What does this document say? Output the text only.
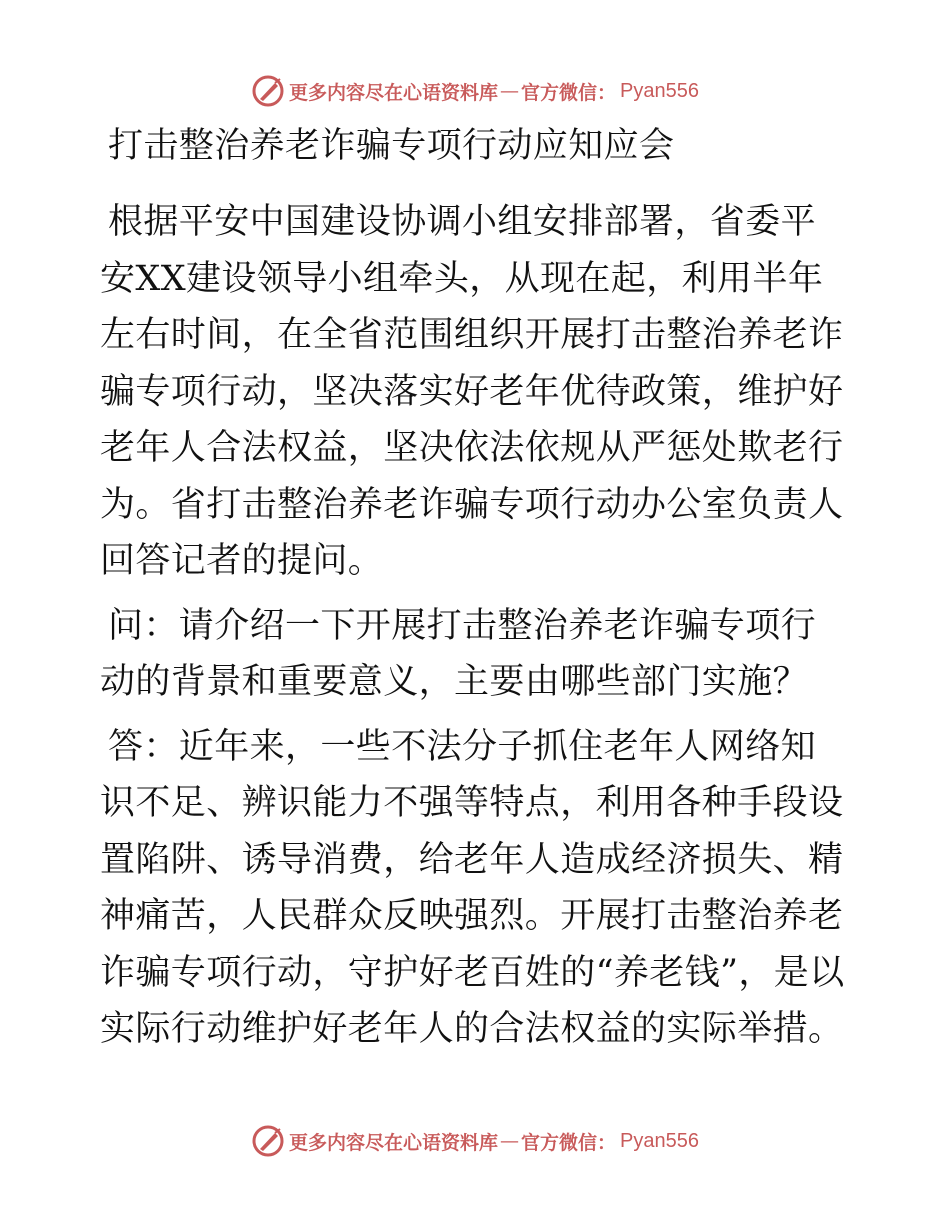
更多内容尽在心语资料库 — 官方微信： Pyan556
打击整治养老诈骗专项行动应知应会

根据平安中国建设协调小组安排部署，省委平安XX建设领导小组牵头，从现在起，利用半年左右时间，在全省范围组织开展打击整治养老诈骗专项行动，坚决落实好老年优待政策，维护好老年人合法权益，坚决依法依规从严惩处欺老行为。省打击整治养老诈骗专项行动办公室负责人回答记者的提问。

问：请介绍一下开展打击整治养老诈骗专项行动的背景和重要意义，主要由哪些部门实施？

答：近年来，一些不法分子抓住老年人网络知识不足、辨识能力不强等特点，利用各种手段设置陷阱、诱导消费，给老年人造成经济损失、精神痛苦，人民群众反映强烈。开展打击整治养老诈骗专项行动，守护好老百姓的“养老钱”，是以实际行动维护好老年人的合法权益的实际举措。

更多内容尽在心语资料库 — 官方微信： Pyan556
